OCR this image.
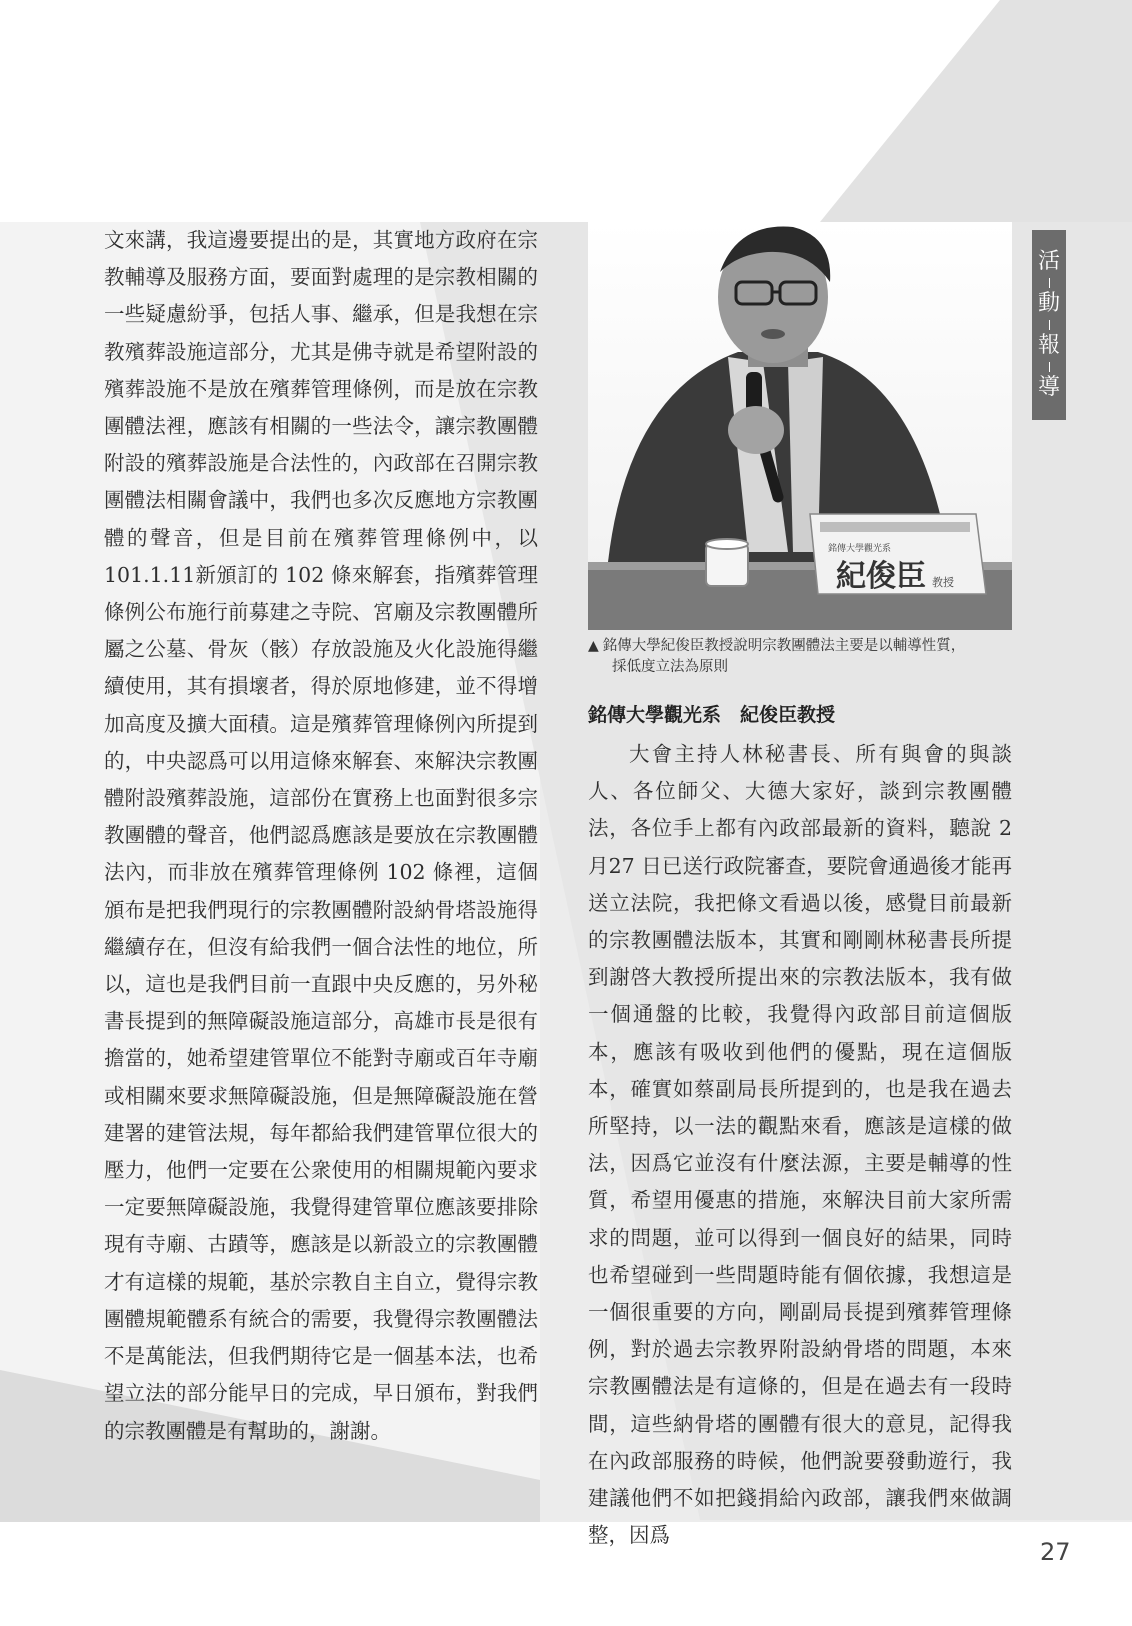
活
動
報
導

文來講，我這邊要提出的是，其實地方政府在宗教輔導及服務方面，要面對處理的是宗教相關的一些疑慮紛爭，包括人事、繼承，但是我想在宗教殯葬設施這部分，尤其是佛寺就是希望附設的殯葬設施不是放在殯葬管理條例，而是放在宗教團體法裡，應該有相關的一些法令，讓宗教團體附設的殯葬設施是合法性的，內政部在召開宗教團體法相關會議中，我們也多次反應地方宗教團體的聲音，但是目前在殯葬管理條例中，以101.1.11新頒訂的 102 條來解套，指殯葬管理條例公布施行前募建之寺院、宮廟及宗教團體所屬之公墓、骨灰（骸）存放設施及火化設施得繼續使用，其有損壞者，得於原地修建，並不得增加高度及擴大面積。這是殯葬管理條例內所提到的，中央認爲可以用這條來解套、來解決宗教團體附設殯葬設施，這部份在實務上也面對很多宗教團體的聲音，他們認爲應該是要放在宗教團體法內，而非放在殯葬管理條例 102 條裡，這個頒布是把我們現行的宗教團體附設納骨塔設施得繼續存在，但沒有給我們一個合法性的地位，所以，這也是我們目前一直跟中央反應的，另外秘書長提到的無障礙設施這部分，高雄市長是很有擔當的，她希望建管單位不能對寺廟或百年寺廟或相關來要求無障礙設施，但是無障礙設施在營建署的建管法規，每年都給我們建管單位很大的壓力，他們一定要在公衆使用的相關規範內要求一定要無障礙設施，我覺得建管單位應該要排除現有寺廟、古蹟等，應該是以新設立的宗教團體才有這樣的規範，基於宗教自主自立，覺得宗教團體規範體系有統合的需要，我覺得宗教團體法不是萬能法，但我們期待它是一個基本法，也希望立法的部分能早日的完成，早日頒布，對我們的宗教團體是有幫助的，謝謝。

銘傳大學觀光系
紀俊臣 教授
▲ 銘傳大學紀俊臣教授說明宗教團體法主要是以輔導性質，
採低度立法為原則
銘傳大學觀光系　紀俊臣教授

大會主持人林秘書長、所有與會的與談人、各位師父、大德大家好，談到宗教團體法，各位手上都有內政部最新的資料，聽說 2 月27 日已送行政院審查，要院會通過後才能再送立法院，我把條文看過以後，感覺目前最新的宗教團體法版本，其實和剛剛林秘書長所提到謝啓大教授所提出來的宗教法版本，我有做一個通盤的比較，我覺得內政部目前這個版本，應該有吸收到他們的優點，現在這個版本，確實如蔡副局長所提到的，也是我在過去所堅持，以一法的觀點來看，應該是這樣的做法，因爲它並沒有什麼法源，主要是輔導的性質，希望用優惠的措施，來解決目前大家所需求的問題，並可以得到一個良好的結果，同時也希望碰到一些問題時能有個依據，我想這是一個很重要的方向，剛副局長提到殯葬管理條例，對於過去宗教界附設納骨塔的問題，本來宗教團體法是有這條的，但是在過去有一段時間，這些納骨塔的團體有很大的意見，記得我在內政部服務的時候，他們說要發動遊行，我建議他們不如把錢捐給內政部，讓我們來做調整，因爲

27
